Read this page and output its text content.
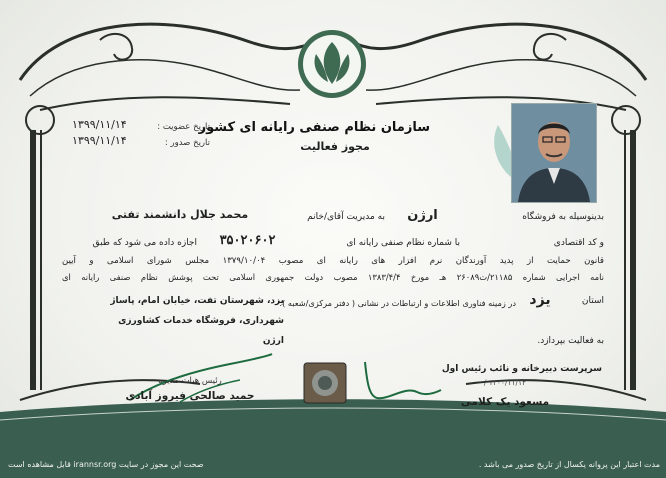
سازمان نظام صنفی رایانه ای کشور
مجوز فعالیت
تاریخ عضویت :
۱۳۹۹/۱۱/۱۴
تاریخ صدور :
۱۳۹۹/۱۱/۱۴
بدینوسیله به فروشگاه
ارژن
به مدیریت آقای/خانم
محمد جلال دانشمند تفتی
و کد اقتصادی
با شماره نظام صنفی رایانه ای
۳۵۰۲۰۶۰۲
اجازه داده می شود که طبق
قانون حمایت از پدید آورندگان نرم افزار های رایانه ای مصوب ۱۳۷۹/۱۰/۰۴ مجلس شورای اسلامی و آیین
نامه اجرایی شماره ۲۱۱۸۵/ت۲۶۰۸۹ هـ مورخ ۱۳۸۳/۴/۴ مصوب دولت جمهوری اسلامی تحت پوشش نظام صنفی رایانه ای
استان
یزد
در زمینه فناوری اطلاعات و ارتباطات در نشانی ( دفتر مرکزی/شعبه ):
یزد، شهرستان تفت، خیابان امام، پاساژ
شهرداری، فروشگاه خدمات کشاورزی
ارژن	به فعالیت بپردازد.
سرپرست دبیرخانه و نائب رئیس اول
/ ۱۴۰۰/۱۱/۱۴
مسعود یک کلامی
رئیس هیات مدیره
حمید صالحی فیروز آبادی
مدت اعتبار این پروانه یکسال از تاریخ صدور می باشد .
صحت این مجوز در سایت irannsr.org قابل مشاهده است
